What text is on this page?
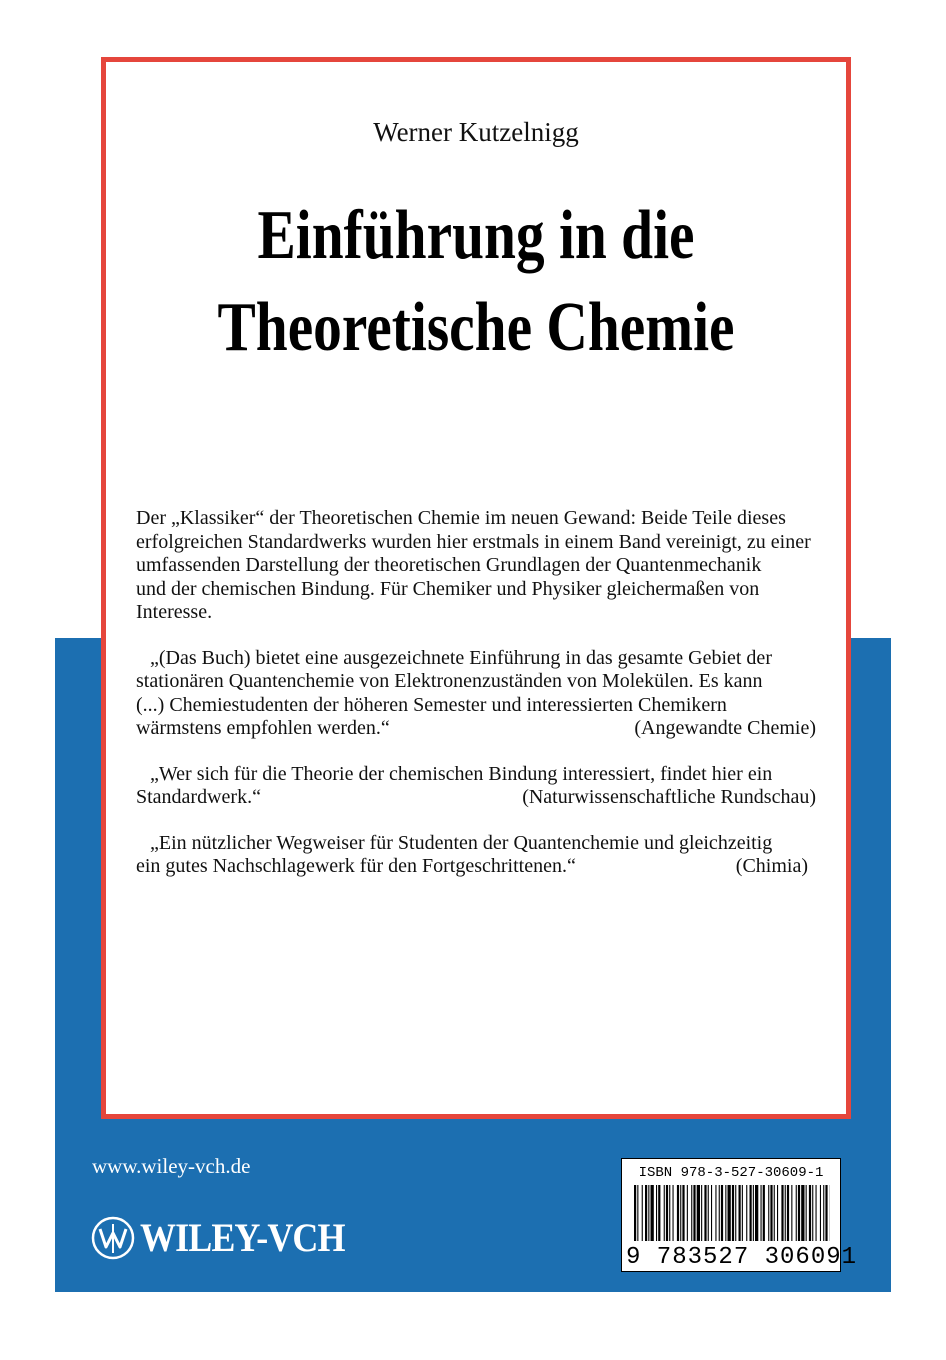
Werner Kutzelnigg
Einführung in die
Theoretische Chemie
Der „Klassiker“ der Theoretischen Chemie im neuen Gewand: Beide Teile dieses
erfolgreichen Standardwerks wurden hier erstmals in einem Band vereinigt, zu einer
umfassenden Darstellung der theoretischen Grundlagen der Quantenmechanik
und der chemischen Bindung. Für Chemiker und Physiker gleichermaßen von
Interesse.
„(Das Buch) bietet eine ausgezeichnete Einführung in das gesamte Gebiet der
stationären Quantenchemie von Elektronenzuständen von Molekülen. Es kann
(...) Chemiestudenten der höheren Semester und interessierten Chemikern
wärmstens empfohlen werden.“	(Angewandte Chemie)
„Wer sich für die Theorie der chemischen Bindung interessiert, findet hier ein
Standardwerk.“	(Naturwissenschaftliche Rundschau)
„Ein nützlicher Wegweiser für Studenten der Quantenchemie und gleichzeitig
ein gutes Nachschlagewerk für den Fortgeschrittenen.“	(Chimia)
www.wiley-vch.de
WILEY-VCH
ISBN 978-3-527-30609-1
9 783527 306091
